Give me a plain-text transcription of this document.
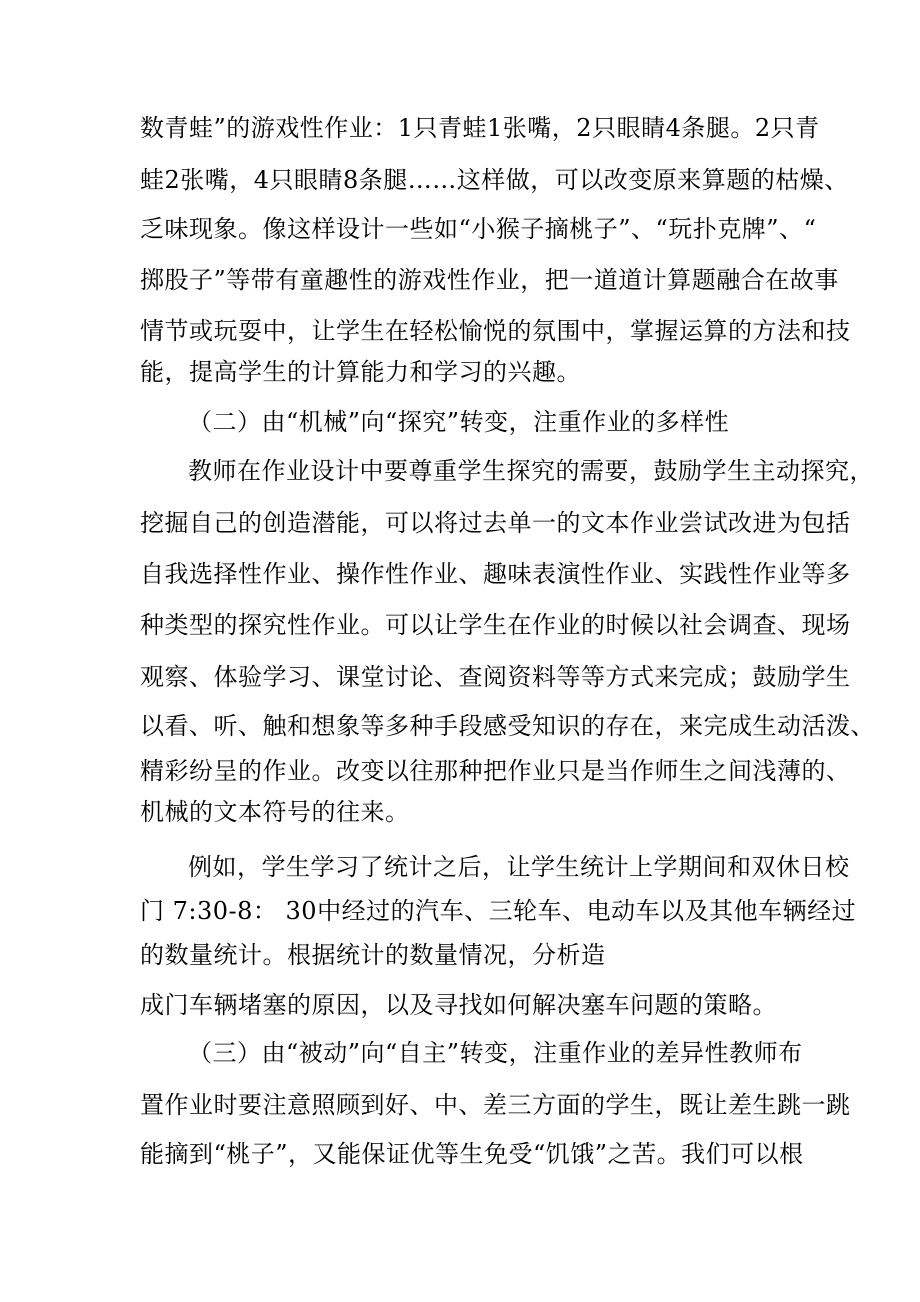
数青蛙”的游戏性作业：1只青蛙1张嘴，2只眼睛4条腿。2只青
蛙2张嘴，4只眼睛8条腿……这样做，可以改变原来算题的枯燥、
乏味现象。像这样设计一些如“小猴子摘桃子”、“玩扑克牌”、“
掷股子”等带有童趣性的游戏性作业，把一道道计算题融合在故事
情节或玩耍中，让学生在轻松愉悦的氛围中，掌握运算的方法和技
能，提高学生的计算能力和学习的兴趣。
（二）由“机械”向“探究”转变，注重作业的多样性
教师在作业设计中要尊重学生探究的需要，鼓励学生主动探究，
挖掘自己的创造潜能，可以将过去单一的文本作业尝试改进为包括
自我选择性作业、操作性作业、趣味表演性作业、实践性作业等多
种类型的探究性作业。可以让学生在作业的时候以社会调查、现场
观察、体验学习、课堂讨论、查阅资料等等方式来完成；鼓励学生
以看、听、触和想象等多种手段感受知识的存在，来完成生动活泼、
精彩纷呈的作业。改变以往那种把作业只是当作师生之间浅薄的、
机械的文本符号的往来。
例如，学生学习了统计之后，让学生统计上学期间和双休日校
门 7:30-8： 30中经过的汽车、三轮车、电动车以及其他车辆经过
的数量统计。根据统计的数量情况，分析造
成门车辆堵塞的原因，以及寻找如何解决塞车问题的策略。
（三）由“被动”向“自主”转变，注重作业的差异性教师布
置作业时要注意照顾到好、中、差三方面的学生，既让差生跳一跳
能摘到“桃子”，又能保证优等生免受“饥饿”之苦。我们可以根
